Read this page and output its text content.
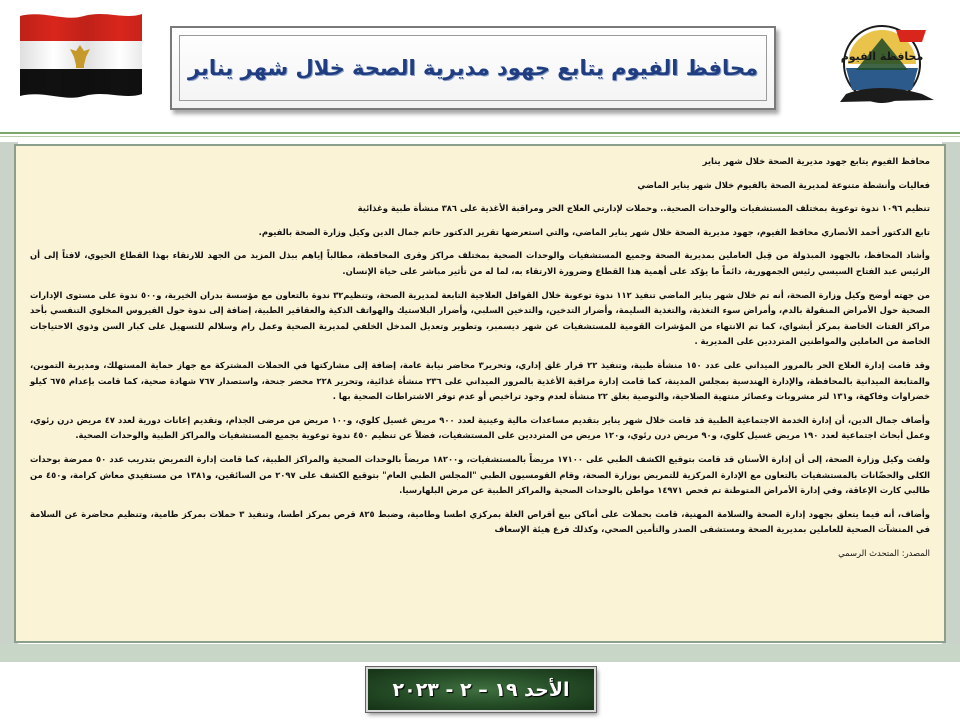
محافظة الفيوم
محافظ الفيوم يتابع جهود مديرية الصحة خلال شهر يناير

محافظ الفيوم يتابع جهود مديرية الصحة خلال شهر يناير

فعاليات وأنشطة متنوعة لمديرية الصحة بالفيوم خلال شهر يناير الماضي

تنظيم ١٠٩٦ ندوة توعوية بمختلف المستشفيات والوحدات الصحية.. وحملات لإدارتي العلاج الحر ومراقبة الأغذية على ٣٨٦ منشأة طبية وغذائية

تابع الدكتور أحمد الأنصاري محافظ الفيوم، جهود مديرية الصحة خلال شهر يناير الماضي، والتي استعرضها تقرير الدكتور حاتم جمال الدين وكيل وزارة الصحة بالفيوم.

وأشاد المحافظ، بالجهود المبذولة من قِبل العاملين بمديرية الصحة وجميع المستشفيات والوحدات الصحية بمختلف مراكز وقرى المحافظة، مطالباً إياهم ببذل المزيد من الجهد للارتقاء بهذا القطاع الحيوي، لافتاً إلى أن الرئيس عبد الفتاح السيسي رئيس الجمهورية، دائماً ما يؤكد على أهمية هذا القطاع وضرورة الارتقاء به، لما له من تأثير مباشر على حياة الإنسان.

من جهته أوضح وكيل وزارة الصحة، أنه تم خلال شهر يناير الماضي تنفيذ ١١٢ ندوة توعوية خلال القوافل العلاجية التابعة لمديرية الصحة، وتنظيم٣٢ ندوة بالتعاون مع مؤسسة بدران الخيرية، و٥٠٠ ندوة على مستوى الإدارات الصحية حول الأمراض المنقولة بالدم، وأمراض سوء التغذية، والتغذية السليمة، وأضرار التدخين، والتدخين السلبي، وأضرار البلاستيك والهواتف الذكية والعقاقير الطبية، إضافة إلى ندوة حول الفيروس المخلوي التنفسي بأحد مراكز الفتات الخاصة بمركز أبشواي، كما تم الانتهاء من المؤشرات القومية للمستشفيات عن شهر ديسمبر، وتطوير وتعديل المدخل الخلفي لمديرية الصحية وعمل رام وسلالم للتسهيل على كبار السن وذوي الاحتياجات الخاصة من العاملين والمواطنين المترددين على المديرية .

وقد قامت إدارة العلاج الحر بالمرور الميداني على عدد ١٥٠ منشأة طبية، وتنفيذ ٢٢ قرار غلق إداري، وتحرير٣ محاضر نيابة عامة، إضافة إلى مشاركتها في الحملات المشتركة مع جهاز حماية المستهلك، ومديرية التموين، والمتابعة الميدانية بالمحافظة، والإدارة الهندسية بمجلس المدينة، كما قامت إدارة مراقبة الأغذية بالمرور الميداني على ٢٣٦ منشأة غذائية، وتحرير ٢٢٨ محضر جنحة، واستصدار ٧٦٧ شهادة صحية، كما قامت بإعدام ٦٧٥ كيلو خضراوات وفاكهة، و١٣١ لتر مشروبات وعصائر منتهية الصلاحية، والتوصية بغلق ٢٢ منشأة لعدم وجود تراخيص أو عدم توفر الاشتراطات الصحية بها .

وأضاف جمال الدين، أن إدارة الخدمة الاجتماعية الطبية قد قامت خلال شهر يناير بتقديم مساعدات مالية وعينية لعدد ٩٠٠ مريض غسيل كلوي، و١٠٠ مريض من مرضى الجذام، وتقديم إعانات دورية لعدد ٤٧ مريض درن رئوي، وعمل أبحاث اجتماعية لعدد ١٩٠ مريض غسيل كلوي، و٩٠ مريض درن رئوي، و١٢٠ مريض من المترددين على المستشفيات، فضلاً عن تنظيم ٤٥٠ ندوة توعوية بجميع المستشفيات والمراكز الطبية والوحدات الصحية.

ولفت وكيل وزارة الصحة، إلى أن إدارة الأسنان قد قامت بتوقيع الكشف الطبي على ١٧١٠٠ مريضاً بالمستشفيات، و١٨٢٠٠ مريضاً بالوحدات الصحية والمراكز الطبية، كما قامت إدارة التمريض بتدريب عدد ٥٠ ممرضة بوحدات الكلى والحضّانات بالمستشفيات بالتعاون مع الإدارة المركزية للتمريض بوزارة الصحة، وقام القومسيون الطبي "المجلس الطبي العام" بتوقيع الكشف على ٢٠٩٧ من السائقين، و١٣٨١ من مستفيدي معاش كرامة، و٤٥٠ من طالبي كارت الإعاقة، وفي إدارة الأمراض المتوطنة تم فحص ١٤٩٧١ مواطن بالوحدات الصحية والمراكز الطبية عن مرض البلهارسيا.

وأضاف، أنه فيما يتعلق بجهود إدارة الصحة والسلامة المهنية، قامت بحملات على أماكن بيع أقراص الغلة بمركزي اطسا وطامية، وضبط ٨٢٥ قرص بمركز اطسا، وتنفيذ ٣ حملات بمركز طامية، وتنظيم محاضرة عن السلامة في المنشآت الصحية للعاملين بمديرية الصحة ومستشفى الصدر والتأمين الصحي، وكذلك فرع هيئة الإسعاف

المصدر: المتحدث الرسمي

الأحد ١٩ – ٢ - ٢٠٢٣
